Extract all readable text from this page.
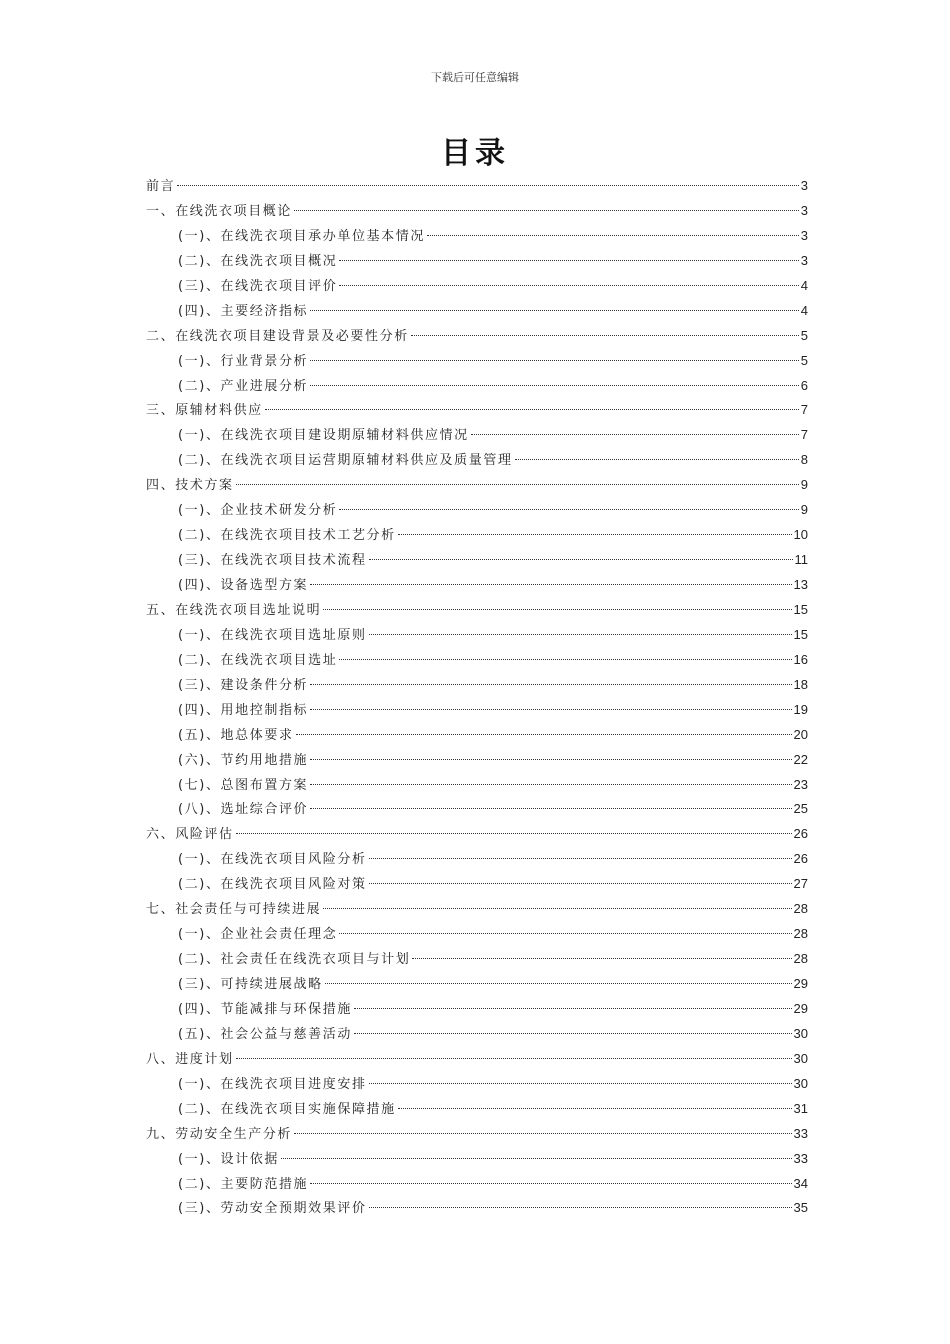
下载后可任意编辑
目录
前言	3
一、在线洗衣项目概论	3
(一)、在线洗衣项目承办单位基本情况	3
(二)、在线洗衣项目概况	3
(三)、在线洗衣项目评价	4
(四)、主要经济指标	4
二、在线洗衣项目建设背景及必要性分析	5
(一)、行业背景分析	5
(二)、产业进展分析	6
三、原辅材料供应	7
(一)、在线洗衣项目建设期原辅材料供应情况	7
(二)、在线洗衣项目运营期原辅材料供应及质量管理	8
四、技术方案	9
(一)、企业技术研发分析	9
(二)、在线洗衣项目技术工艺分析	10
(三)、在线洗衣项目技术流程	11
(四)、设备选型方案	13
五、在线洗衣项目选址说明	15
(一)、在线洗衣项目选址原则	15
(二)、在线洗衣项目选址	16
(三)、建设条件分析	18
(四)、用地控制指标	19
(五)、地总体要求	20
(六)、节约用地措施	22
(七)、总图布置方案	23
(八)、选址综合评价	25
六、风险评估	26
(一)、在线洗衣项目风险分析	26
(二)、在线洗衣项目风险对策	27
七、社会责任与可持续进展	28
(一)、企业社会责任理念	28
(二)、社会责任在线洗衣项目与计划	28
(三)、可持续进展战略	29
(四)、节能减排与环保措施	29
(五)、社会公益与慈善活动	30
八、进度计划	30
(一)、在线洗衣项目进度安排	30
(二)、在线洗衣项目实施保障措施	31
九、劳动安全生产分析	33
(一)、设计依据	33
(二)、主要防范措施	34
(三)、劳动安全预期效果评价	35
